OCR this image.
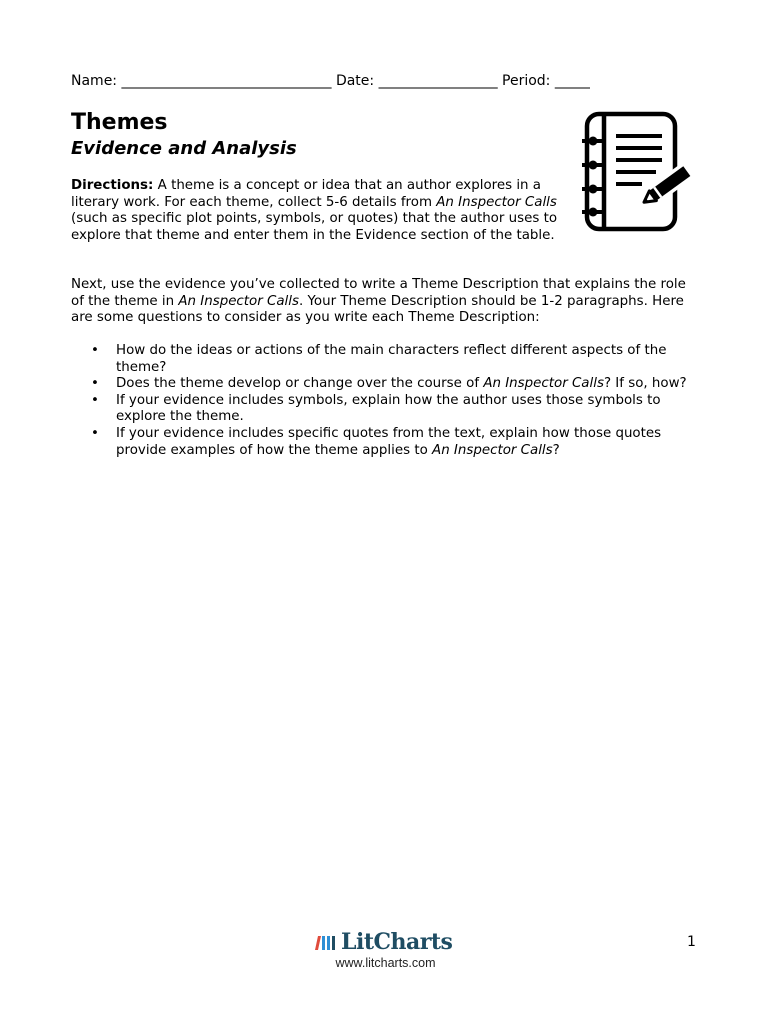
Name: ______________________________ Date: _________________ Period: _____
Themes
Evidence and Analysis

Directions: A theme is a concept or idea that an author explores in a literary work. For each theme, collect 5-6 details from An Inspector Calls (such as specific plot points, symbols, or quotes) that the author uses to explore that theme and enter them in the Evidence section of the table.

Next, use the evidence you’ve collected to write a Theme Description that explains the role of the theme in An Inspector Calls. Your Theme Description should be 1-2 paragraphs. Here are some questions to consider as you write each Theme Description:

• How do the ideas or actions of the main characters reflect different aspects of the theme?
• Does the theme develop or change over the course of An Inspector Calls? If so, how?
• If your evidence includes symbols, explain how the author uses those symbols to explore the theme.
• If your evidence includes specific quotes from the text, explain how those quotes provide examples of how the theme applies to An Inspector Calls?
LitCharts
www.litcharts.com
1
